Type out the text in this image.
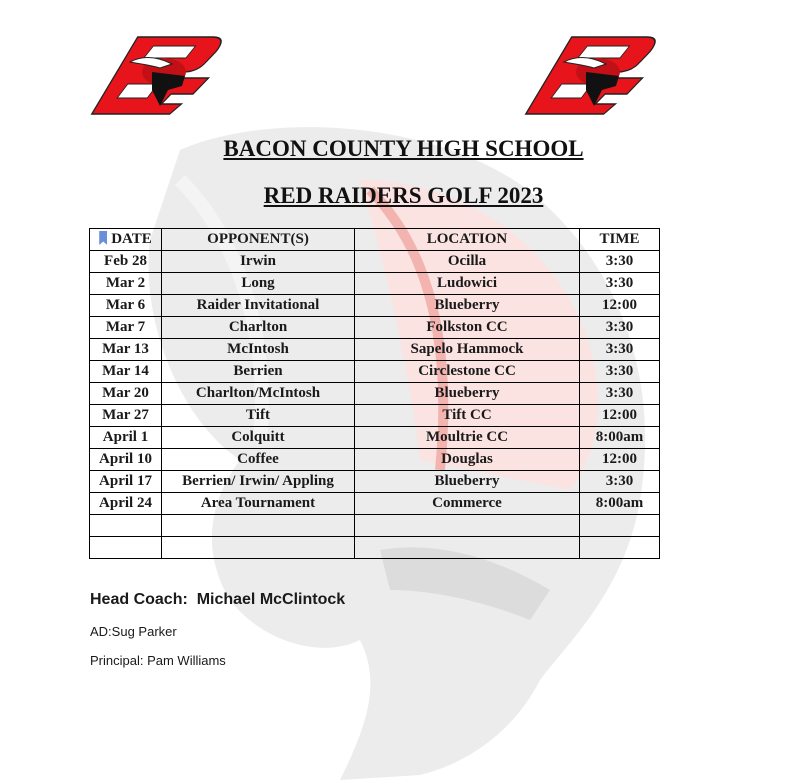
BACON COUNTY HIGH SCHOOL
RED RAIDERS GOLF 2023
DATE	OPPONENT(S)	LOCATION	TIME
Feb 28	Irwin	Ocilla	3:30
Mar 2	Long	Ludowici	3:30
Mar 6	Raider Invitational	Blueberry	12:00
Mar 7	Charlton	Folkston CC	3:30
Mar 13	McIntosh	Sapelo Hammock	3:30
Mar 14	Berrien	Circlestone CC	3:30
Mar 20	Charlton/McIntosh	Blueberry	3:30
Mar 27	Tift	Tift CC	12:00
April 1	Colquitt	Moultrie CC	8:00am
April 10	Coffee	Douglas	12:00
April 17	Berrien/ Irwin/ Appling	Blueberry	3:30
April 24	Area Tournament	Commerce	8:00am

Head Coach:  Michael McClintock
AD:Sug Parker
Principal: Pam Williams
